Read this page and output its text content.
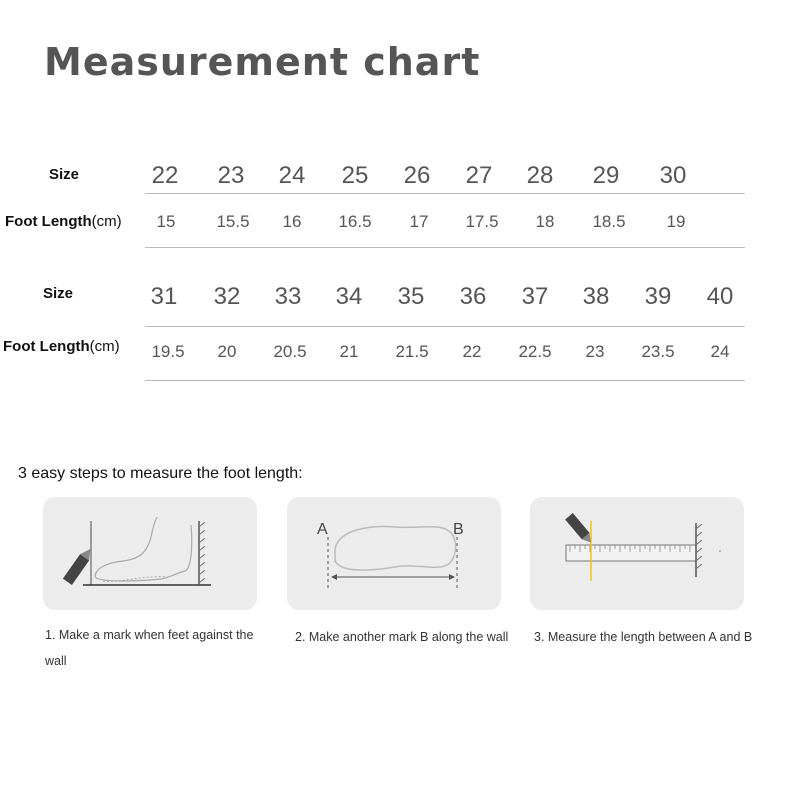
Measurement chart
Size	22	23	24	25	26	27	28	29	30
Foot Length(cm)	15	15.5	16	16.5	17	17.5	18	18.5	19
Size	31	32	33	34	35	36	37	38	39	40
Foot Length(cm)	19.5	20	20.5	21	21.5	22	22.5	23	23.5	24
3 easy steps to measure the foot length:
1. Make a mark when feet against the wall
A	B
2. Make another mark B along the wall	3. Measure the length between A and B
